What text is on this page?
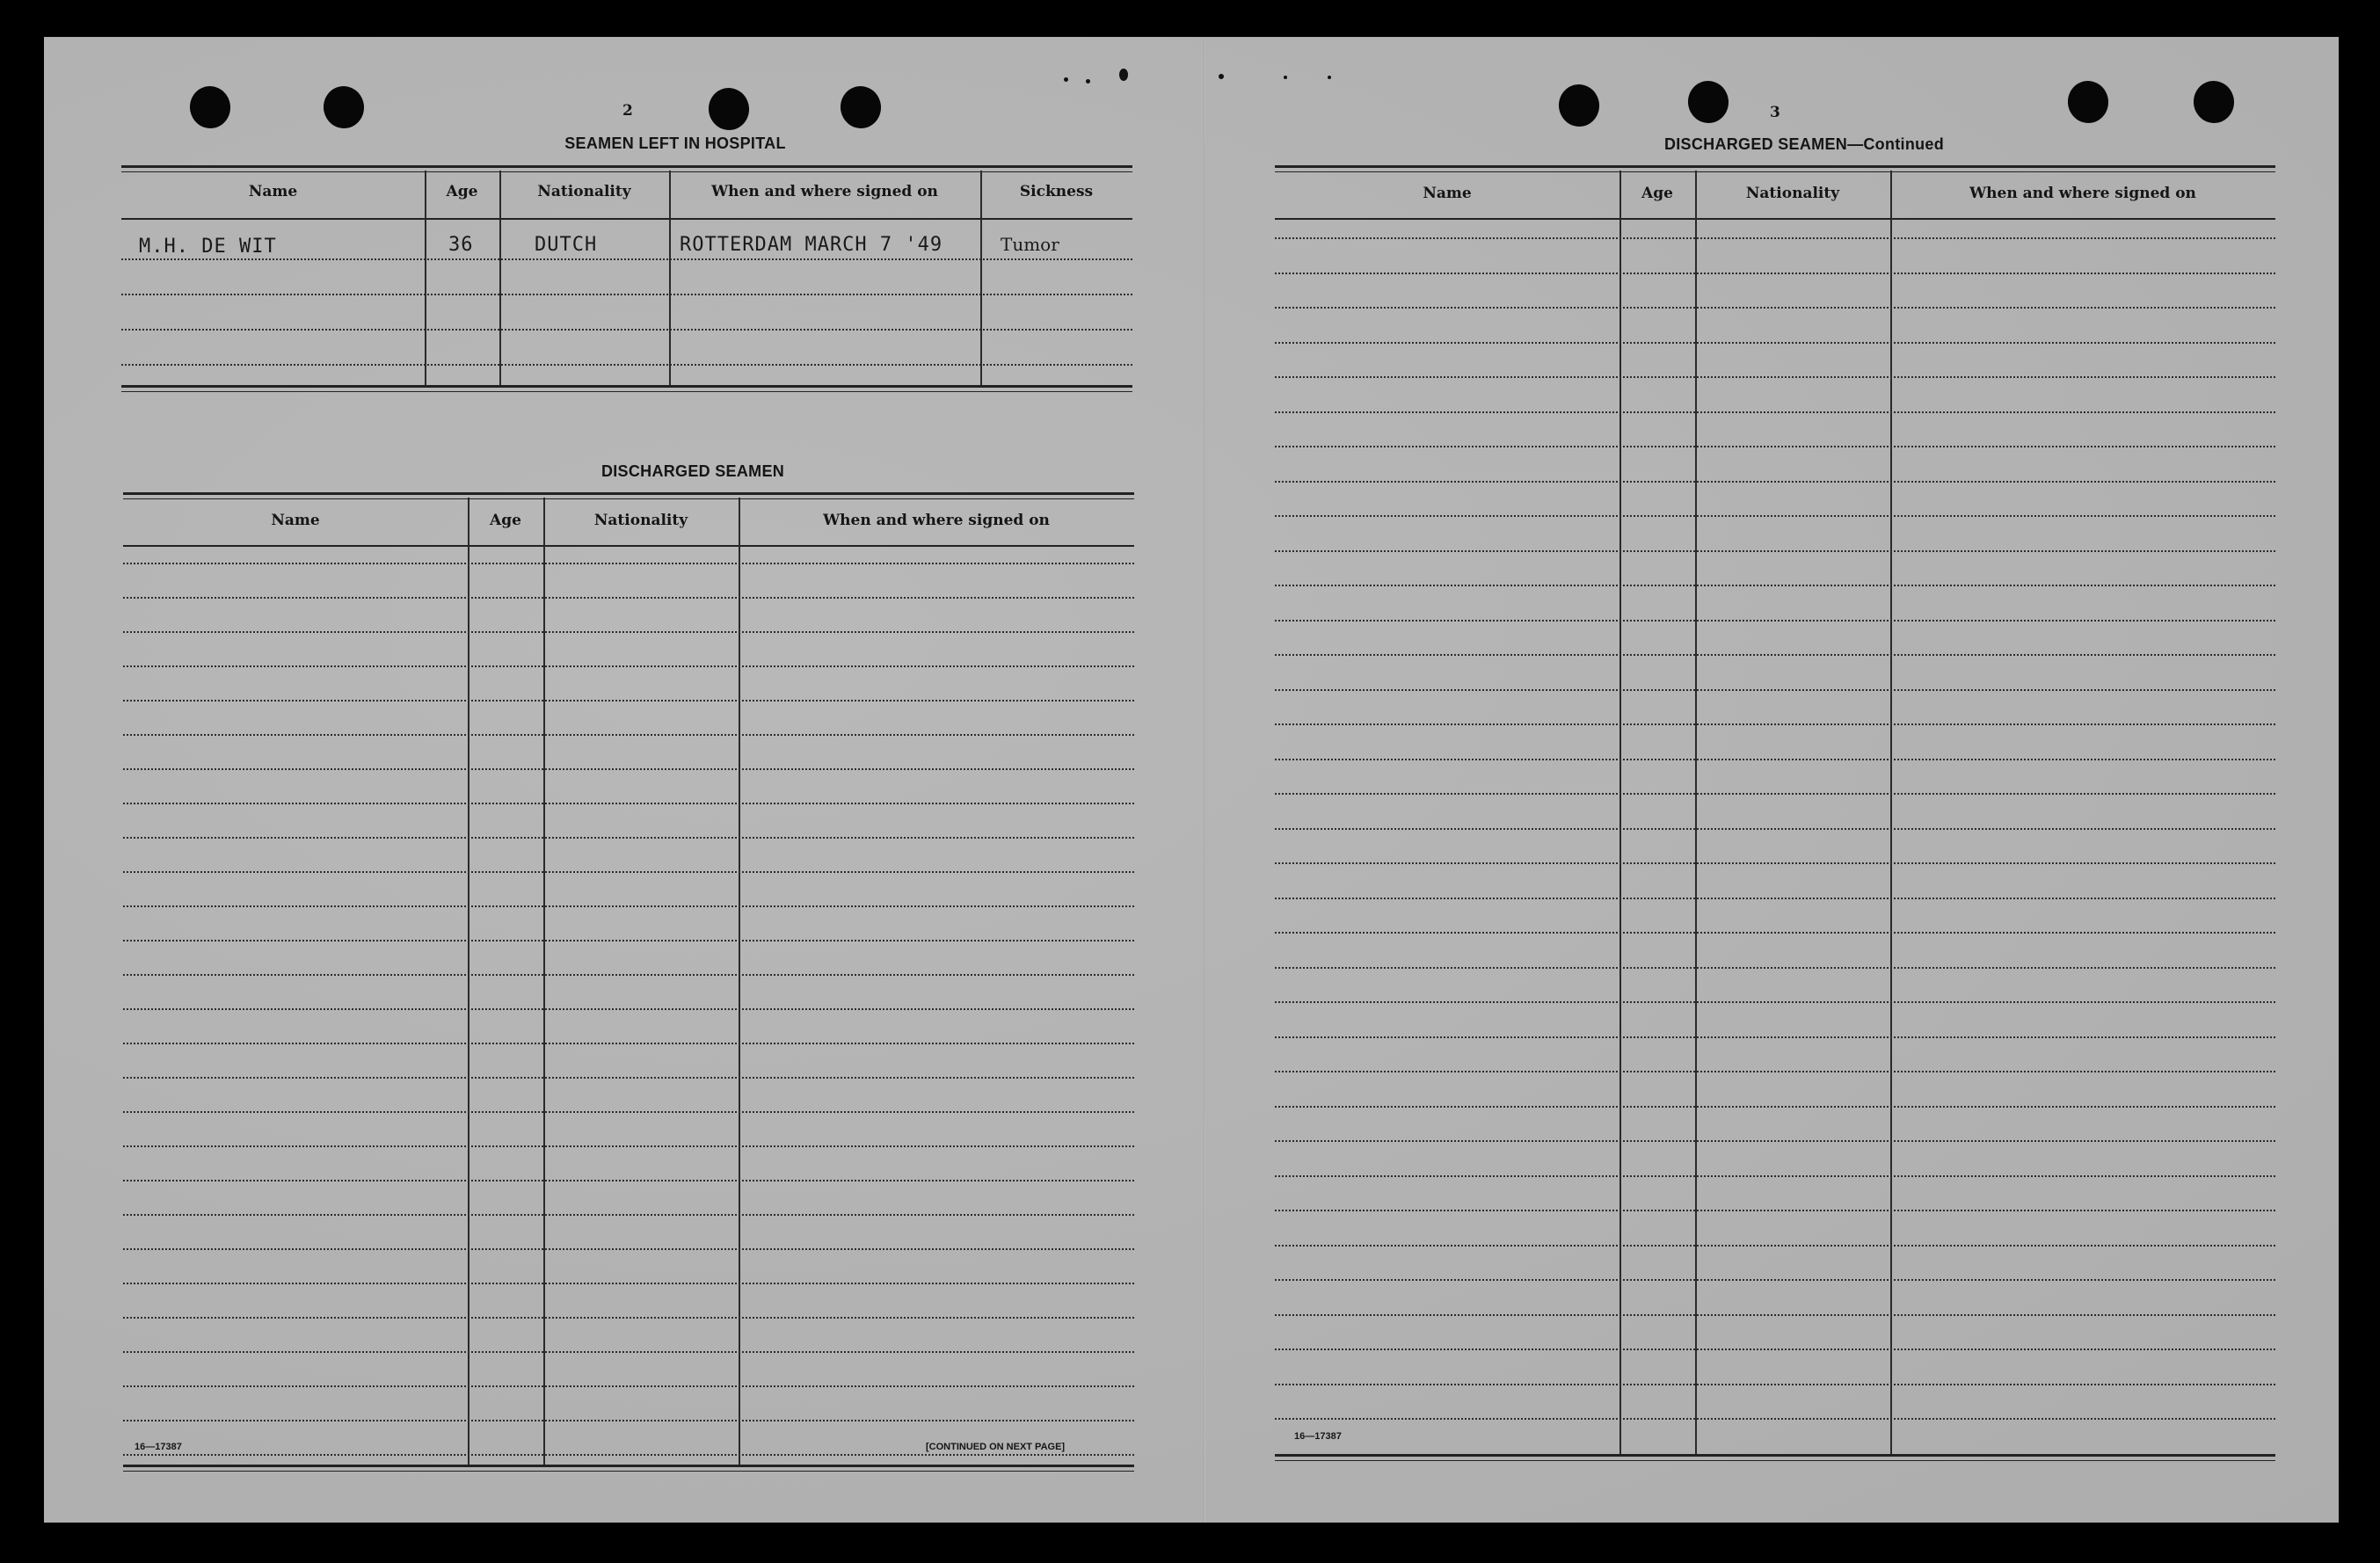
2
SEAMEN LEFT IN HOSPITAL
Name	Age	Nationality	When and where signed on	Sickness
M.H. DE WIT	36	DUTCH	ROTTERDAM MARCH 7 '49	Tumor
DISCHARGED SEAMEN
Name	Age	Nationality	When and where signed on
16—17387	[CONTINUED ON NEXT PAGE]
3
DISCHARGED SEAMEN—Continued
Name	Age	Nationality	When and where signed on
16—17387
